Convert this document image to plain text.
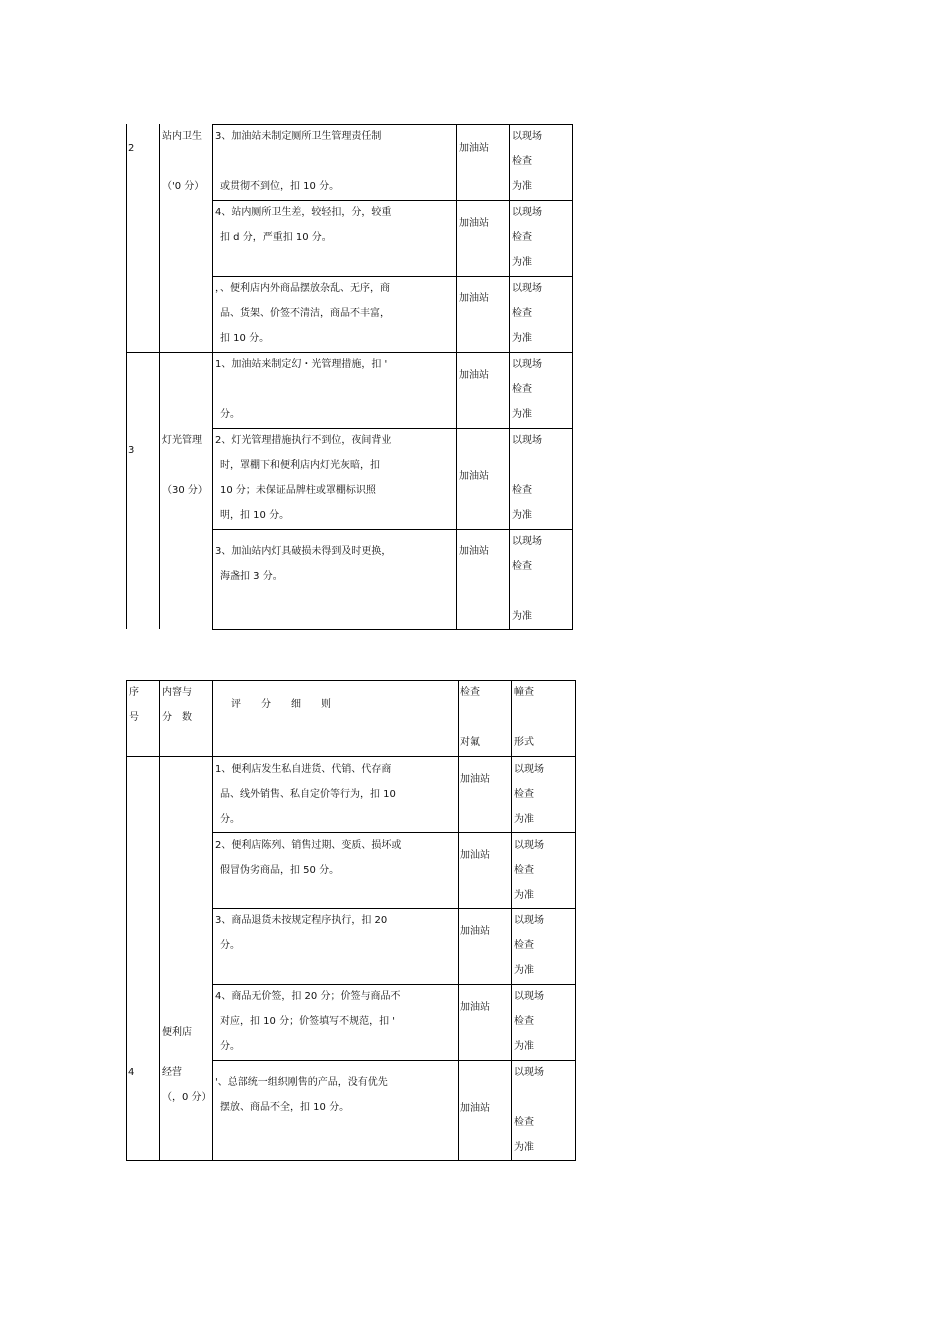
2
站内卫生
（'0 分）
3、加油站未制定厕所卫生管理责任制
或贯彻不到位，扣 10 分。
加油站
以现场
检查
为准
4、站内厕所卫生差，较轻扣，分，较重
扣 d 分，严重扣 10 分。
加油站
以现场
检查
为准
，、便利店内外商品摆放杂乱、无序，商
品、货架、价签不清洁，商品不丰富，
扣 10 分。
加油站
以现场
检查
为准
3
灯光管理
（30 分）
1、加油站来制定幻・光管理措施，扣 '
分。
加油站
以现场
检查
为准
2、灯光管理措施执行不到位，夜间背业
时，罩棚下和便利店内灯光灰暗，扣
10 分；未保证品牌柱或罩棚标识照
明，扣 10 分。
加油站
以现场
检查
为准
3、加汕站内灯具破损未得到及时更换，
海盏扣 3 分。
加油站
以现场
检查
为准
序
号
内窨与
分　数
评　　分　　细　　则
检查
对氟
幢查
形式
4
便利店
经营
（，0 分）
1、便利店发生私自进货、代销、代存商
品、线外销售、私自定价等行为，扣 10
分。
加油站
以现场
检查
为准
2、便利店陈列、销售过期、变质、损坏或
假冒伪劣商品，扣 50 分。
加汕站
以现场
检查
为准
3、商品退货未按规定程序执行，扣 20
分。
加油站
以现场
检查
为准
4、商品无价签，扣 20 分；价签与商品不
对应，扣 10 分；价签填写不规范，扣 '
分。
加油站
以现场
检查
为准
'、总部统一组织刚售的产品，没有优先
摆放、商品不全，扣 10 分。	加油站
以现场
检查
为准
